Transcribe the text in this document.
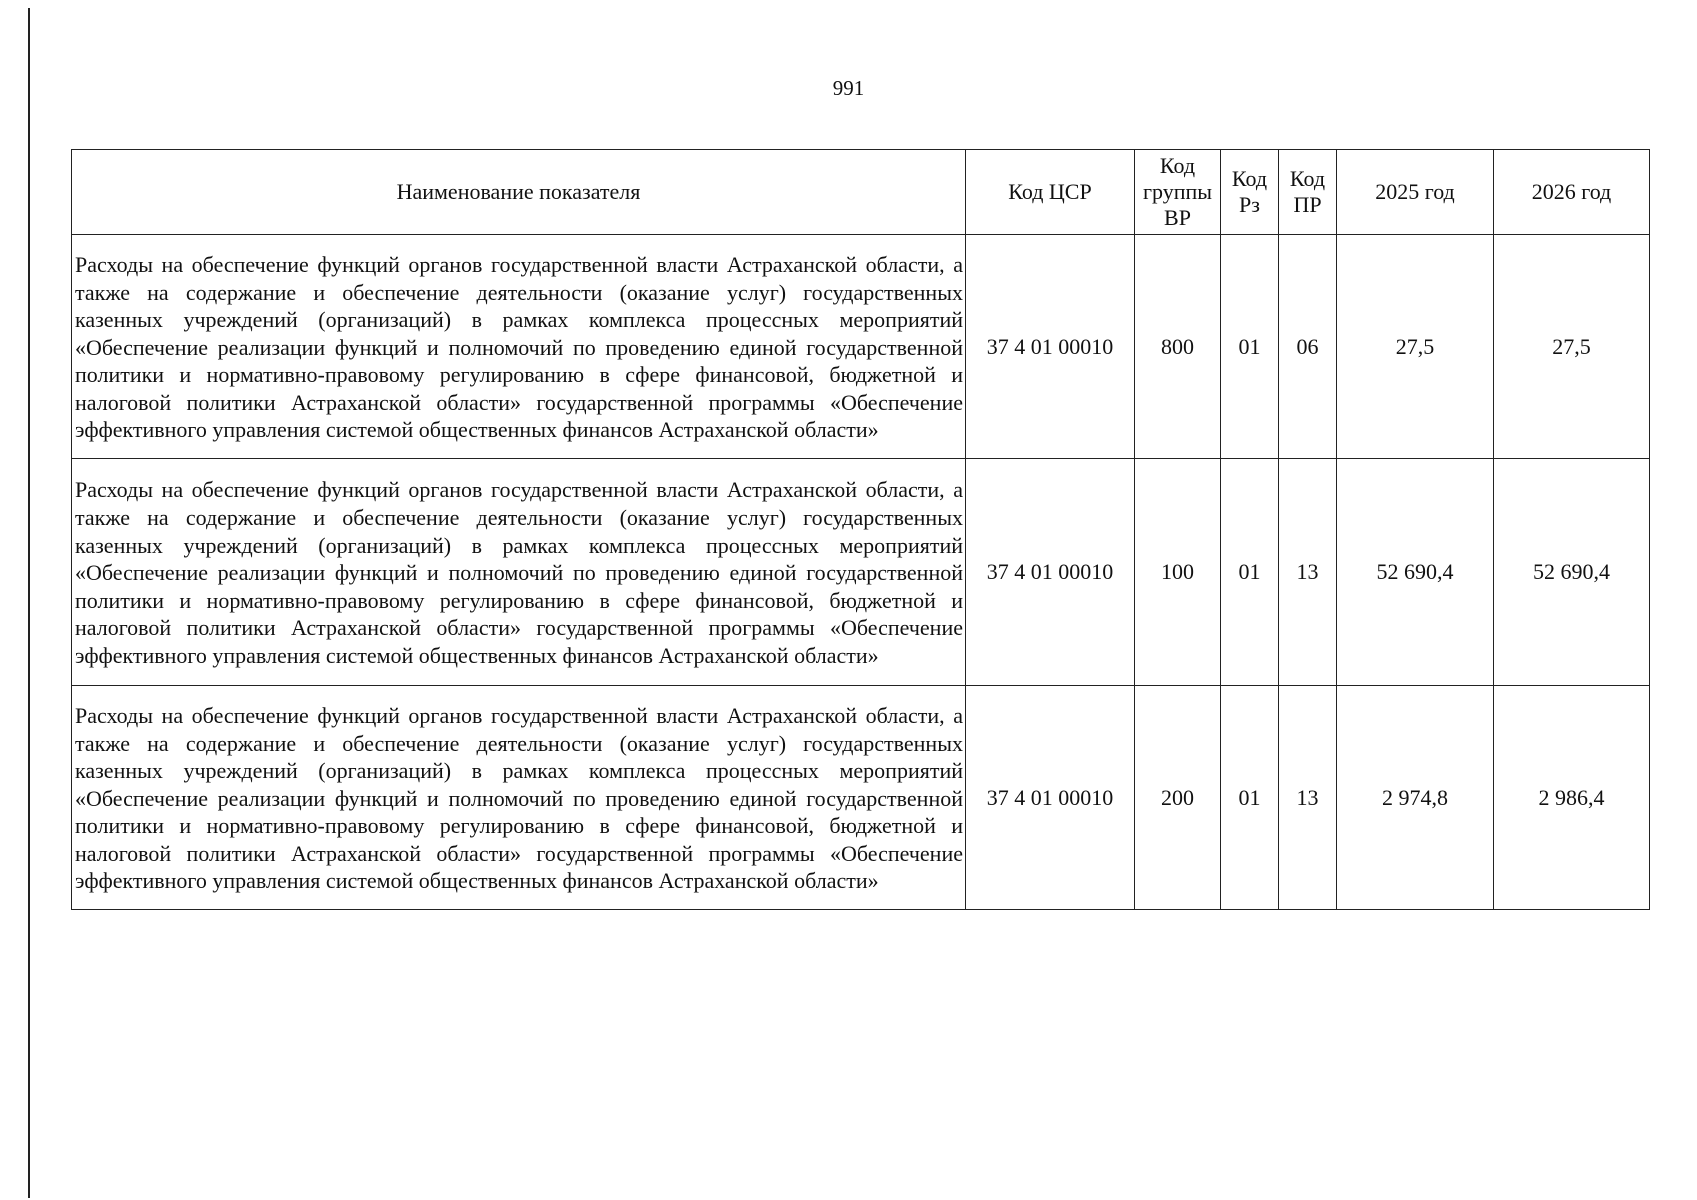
991
Наименование показателя	Код ЦСР	Код группы ВР	Код Рз	Код ПР	2025 год	2026 год
Расходы на обеспечение функций органов государственной власти Астраханской области, а также на содержание и обеспечение деятельности (оказание услуг) государственных казенных учреждений (организаций) в рамках комплекса процессных мероприятий «Обеспечение реализации функций и полномочий по проведению единой государственной политики и нормативно-правовому регулированию в сфере финансовой, бюджетной и налоговой политики Астраханской области» государственной программы «Обеспечение эффективного управления системой общественных финансов Астраханской области»	37 4 01 00010	800	01	06	27,5	27,5
Расходы на обеспечение функций органов государственной власти Астраханской области, а также на содержание и обеспечение деятельности (оказание услуг) государственных казенных учреждений (организаций) в рамках комплекса процессных мероприятий «Обеспечение реализации функций и полномочий по проведению единой государственной политики и нормативно-правовому регулированию в сфере финансовой, бюджетной и налоговой политики Астраханской области» государственной программы «Обеспечение эффективного управления системой общественных финансов Астраханской области»	37 4 01 00010	100	01	13	52 690,4	52 690,4
Расходы на обеспечение функций органов государственной власти Астраханской области, а также на содержание и обеспечение деятельности (оказание услуг) государственных казенных учреждений (организаций) в рамках комплекса процессных мероприятий «Обеспечение реализации функций и полномочий по проведению единой государственной политики и нормативно-правовому регулированию в сфере финансовой, бюджетной и налоговой политики Астраханской области» государственной программы «Обеспечение эффективного управления системой общественных финансов Астраханской области»	37 4 01 00010	200	01	13	2 974,8	2 986,4
